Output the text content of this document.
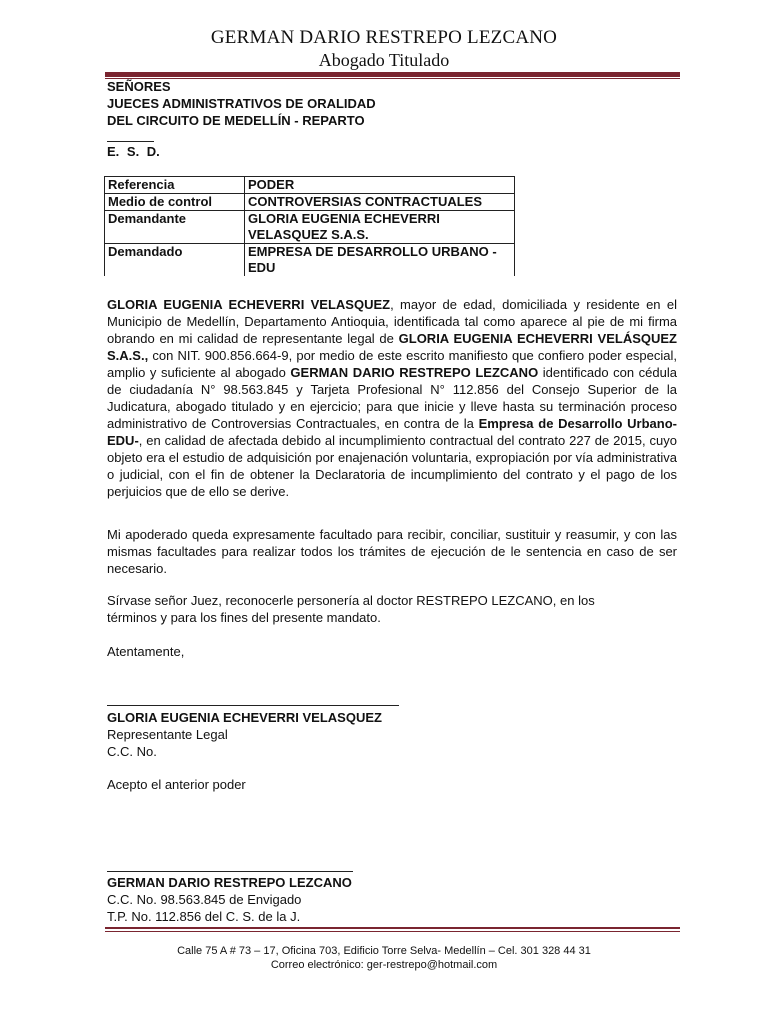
GERMAN DARIO RESTREPO LEZCANO
Abogado Titulado
SEÑORES
JUECES ADMINISTRATIVOS DE ORALIDAD
DEL CIRCUITO DE MEDELLÍN - REPARTO
E. S. D.
Referencia	PODER
Medio de control	CONTROVERSIAS CONTRACTUALES
Demandante	GLORIA EUGENIA ECHEVERRI VELASQUEZ S.A.S.
Demandado	EMPRESA DE DESARROLLO URBANO - EDU
GLORIA EUGENIA ECHEVERRI VELASQUEZ, mayor de edad, domiciliada y residente en el Municipio de Medellín, Departamento Antioquia, identificada tal como aparece al pie de mi firma obrando en mi calidad de representante legal de GLORIA EUGENIA ECHEVERRI VELÁSQUEZ S.A.S., con NIT. 900.856.664-9, por medio de este escrito manifiesto que confiero poder especial, amplio y suficiente al abogado GERMAN DARIO RESTREPO LEZCANO identificado con cédula de ciudadanía N° 98.563.845 y Tarjeta Profesional N° 112.856 del Consejo Superior de la Judicatura, abogado titulado y en ejercicio; para que inicie y lleve hasta su terminación proceso administrativo de Controversias Contractuales, en contra de la Empresa de Desarrollo Urbano-EDU-, en calidad de afectada debido al incumplimiento contractual del contrato 227 de 2015, cuyo objeto era el estudio de adquisición por enajenación voluntaria, expropiación por vía administrativa o judicial, con el fin de obtener la Declaratoria de incumplimiento del contrato y el pago de los perjuicios que de ello se derive.
Mi apoderado queda expresamente facultado para recibir, conciliar, sustituir y reasumir, y con las mismas facultades para realizar todos los trámites de ejecución de le sentencia en caso de ser necesario.
Sírvase señor Juez, reconocerle personería al doctor RESTREPO LEZCANO, en los términos y para los fines del presente mandato.
Atentamente,
GLORIA EUGENIA ECHEVERRI VELASQUEZ
Representante Legal
C.C. No.
Acepto el anterior poder
GERMAN DARIO RESTREPO LEZCANO
C.C. No. 98.563.845 de Envigado
T.P. No. 112.856 del C. S. de la J.
Calle 75 A # 73 – 17, Oficina 703, Edificio Torre Selva- Medellín – Cel. 301 328 44 31
Correo electrónico: ger-restrepo@hotmail.com
